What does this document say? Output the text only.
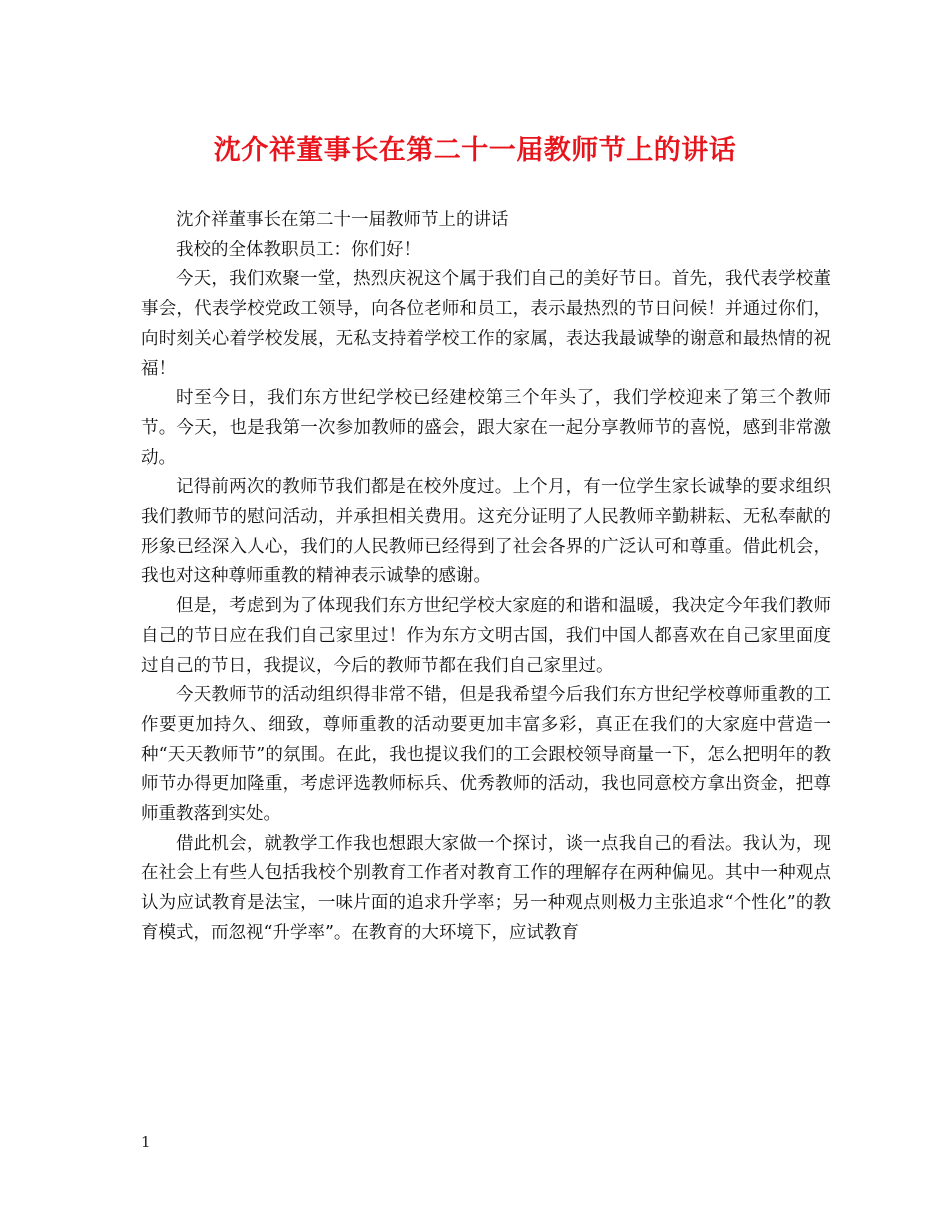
沈介祥董事长在第二十一届教师节上的讲话

沈介祥董事长在第二十一届教师节上的讲话

我校的全体教职员工：你们好！

今天，我们欢聚一堂，热烈庆祝这个属于我们自己的美好节日。首先，我代表学校董事会，代表学校党政工领导，向各位老师和员工，表示最热烈的节日问候！并通过你们，向时刻关心着学校发展，无私支持着学校工作的家属，表达我最诚挚的谢意和最热情的祝福！

时至今日，我们东方世纪学校已经建校第三个年头了，我们学校迎来了第三个教师节。今天，也是我第一次参加教师的盛会，跟大家在一起分享教师节的喜悦，感到非常激动。

记得前两次的教师节我们都是在校外度过。上个月，有一位学生家长诚挚的要求组织我们教师节的慰问活动，并承担相关费用。这充分证明了人民教师辛勤耕耘、无私奉献的形象已经深入人心，我们的人民教师已经得到了社会各界的广泛认可和尊重。借此机会，我也对这种尊师重教的精神表示诚挚的感谢。

但是，考虑到为了体现我们东方世纪学校大家庭的和谐和温暖，我决定今年我们教师自己的节日应在我们自己家里过！作为东方文明古国，我们中国人都喜欢在自己家里面度过自己的节日，我提议，今后的教师节都在我们自己家里过。

今天教师节的活动组织得非常不错，但是我希望今后我们东方世纪学校尊师重教的工作要更加持久、细致，尊师重教的活动要更加丰富多彩，真正在我们的大家庭中营造一种“天天教师节”的氛围。在此，我也提议我们的工会跟校领导商量一下，怎么把明年的教师节办得更加隆重，考虑评选教师标兵、优秀教师的活动，我也同意校方拿出资金，把尊师重教落到实处。

借此机会，就教学工作我也想跟大家做一个探讨，谈一点我自己的看法。我认为，现在社会上有些人包括我校个别教育工作者对教育工作的理解存在两种偏见。其中一种观点认为应试教育是法宝，一味片面的追求升学率；另一种观点则极力主张追求“个性化”的教育模式，而忽视“升学率”。在教育的大环境下，应试教育

1
